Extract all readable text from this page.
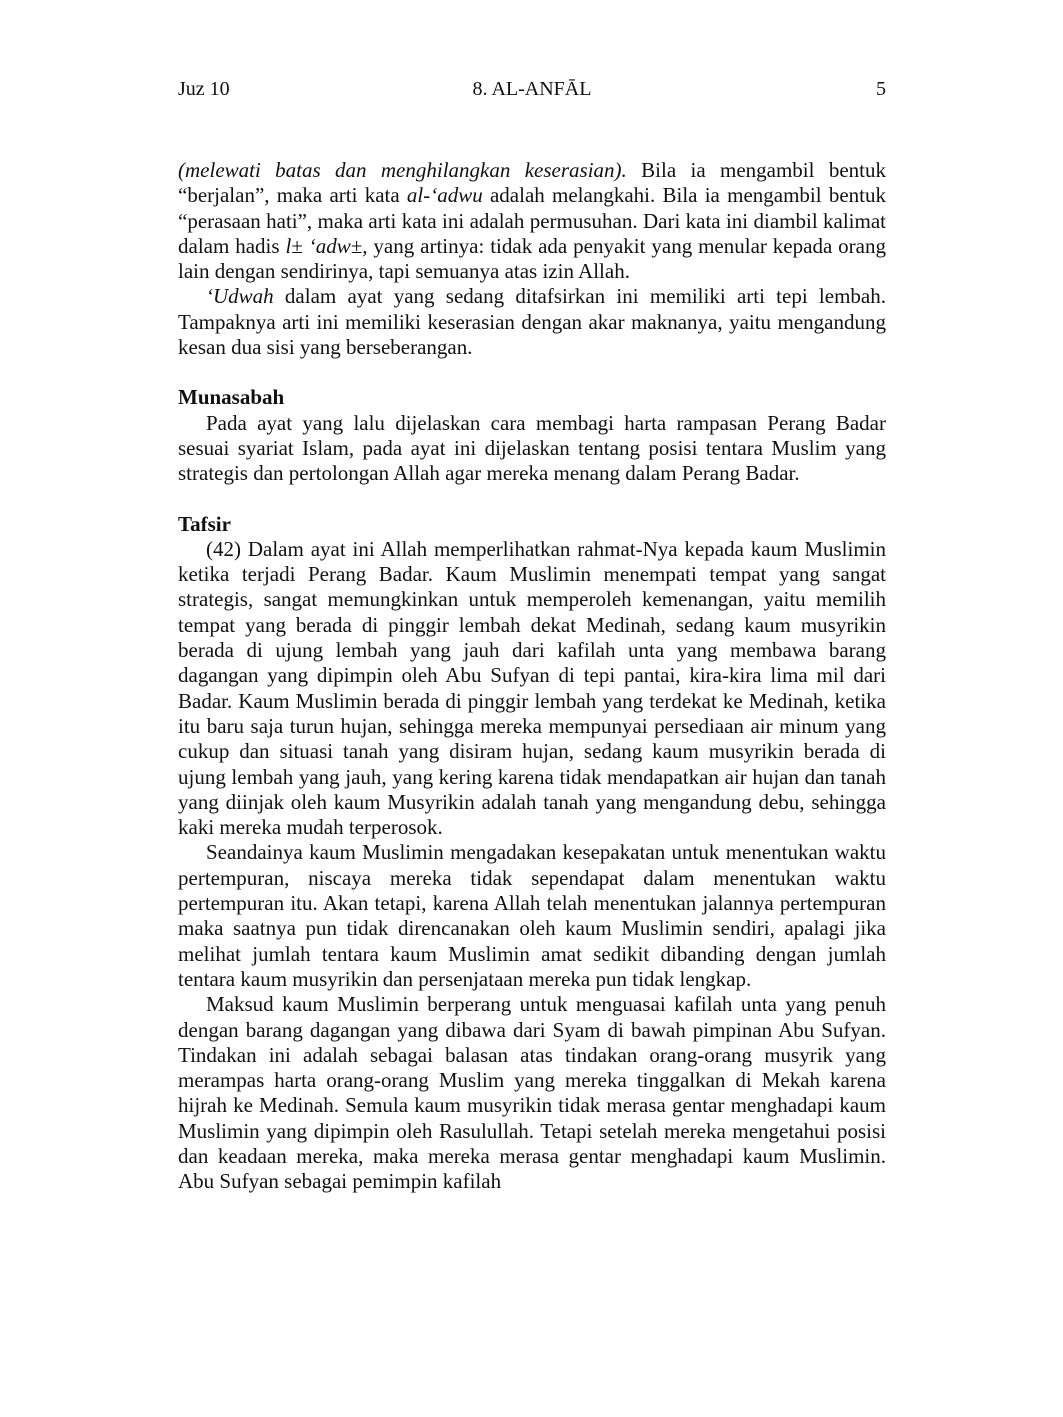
Juz 10	8. AL-ANFĀL	5

(melewati batas dan menghilangkan keserasian). Bila ia mengambil bentuk “berjalan”, maka arti kata al-‘adwu adalah melangkahi. Bila ia mengambil bentuk “perasaan hati”, maka arti kata ini adalah permusuhan. Dari kata ini diambil kalimat dalam hadis l± ‘adw±, yang artinya: tidak ada penyakit yang menular kepada orang lain dengan sendirinya, tapi semuanya atas izin Allah.

‘Udwah dalam ayat yang sedang ditafsirkan ini memiliki arti tepi lembah. Tampaknya arti ini memiliki keserasian dengan akar maknanya, yaitu mengandung kesan dua sisi yang berseberangan.

Munasabah

Pada ayat yang lalu dijelaskan cara membagi harta rampasan Perang Badar sesuai syariat Islam, pada ayat ini dijelaskan tentang posisi tentara Muslim yang strategis dan pertolongan Allah agar mereka menang dalam Perang Badar.

Tafsir

(42) Dalam ayat ini Allah memperlihatkan rahmat-Nya kepada kaum Muslimin ketika terjadi Perang Badar. Kaum Muslimin menempati tempat yang sangat strategis, sangat memungkinkan untuk memperoleh kemenangan, yaitu memilih tempat yang berada di pinggir lembah dekat Medinah, sedang kaum musyrikin berada di ujung lembah yang jauh dari kafilah unta yang membawa barang dagangan yang dipimpin oleh Abu Sufyan di tepi pantai, kira-kira lima mil dari Badar. Kaum Muslimin berada di pinggir lembah yang terdekat ke Medinah, ketika itu baru saja turun hujan, sehingga mereka mempunyai persediaan air minum yang cukup dan situasi tanah yang disiram hujan, sedang kaum musyrikin berada di ujung lembah yang jauh, yang kering karena tidak mendapatkan air hujan dan tanah yang diinjak oleh kaum Musyrikin adalah tanah yang mengandung debu, sehingga kaki mereka mudah terperosok.

Seandainya kaum Muslimin mengadakan kesepakatan untuk menentukan waktu pertempuran, niscaya mereka tidak sependapat dalam menentukan waktu pertempuran itu. Akan tetapi, karena Allah telah menentukan jalannya pertempuran maka saatnya pun tidak direncanakan oleh kaum Muslimin sendiri, apalagi jika melihat jumlah tentara kaum Muslimin amat sedikit dibanding dengan jumlah tentara kaum musyrikin dan persenjataan mereka pun tidak lengkap.

Maksud kaum Muslimin berperang untuk menguasai kafilah unta yang penuh dengan barang dagangan yang dibawa dari Syam di bawah pimpinan Abu Sufyan. Tindakan ini adalah sebagai balasan atas tindakan orang-orang musyrik yang merampas harta orang-orang Muslim yang mereka tinggalkan di Mekah karena hijrah ke Medinah. Semula kaum musyrikin tidak merasa gentar menghadapi kaum Muslimin yang dipimpin oleh Rasulullah. Tetapi setelah mereka mengetahui posisi dan keadaan mereka, maka mereka merasa gentar menghadapi kaum Muslimin. Abu Sufyan sebagai pemimpin kafilah
